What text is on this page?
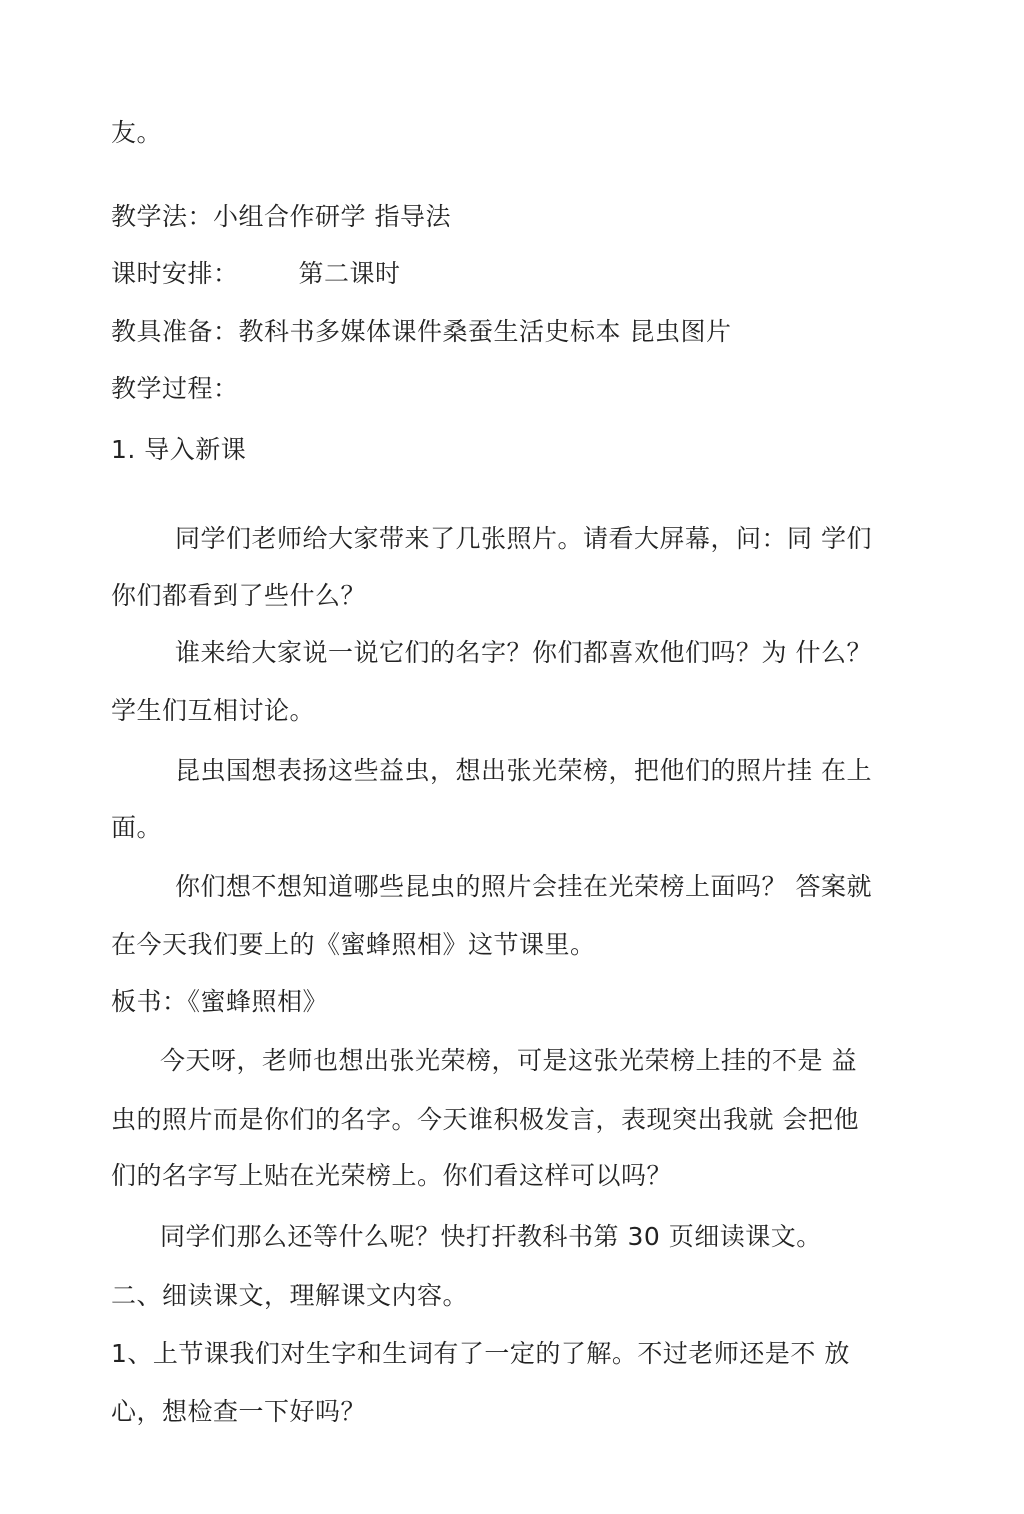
友。
教学法：小组合作研学 指导法
课时安排： 第二课时
教具准备：教科书多媒体课件桑蚕生活史标本 昆虫图片
教学过程：
1. 导入新课
同学们老师给大家带来了几张照片。请看大屏幕，问：同 学们
你们都看到了些什么？
谁来给大家说一说它们的名字？你们都喜欢他们吗？为 什么？
学生们互相讨论。
昆虫国想表扬这些益虫，想出张光荣榜，把他们的照片挂 在上
面。
你们想不想知道哪些昆虫的照片会挂在光荣榜上面吗？ 答案就
在今天我们要上的《蜜蜂照相》这节课里。
板书：《蜜蜂照相》
今天呀，老师也想出张光荣榜，可是这张光荣榜上挂的不是 益
虫的照片而是你们的名字。今天谁积极发言，表现突出我就 会把他
们的名字写上贴在光荣榜上。你们看这样可以吗？
同学们那么还等什么呢？快打扞教科书第 30 页细读课文。
二、细读课文，理解课文内容。
1、上节课我们对生字和生词有了一定的了解。不过老师还是不 放
心，想检查一下好吗？
